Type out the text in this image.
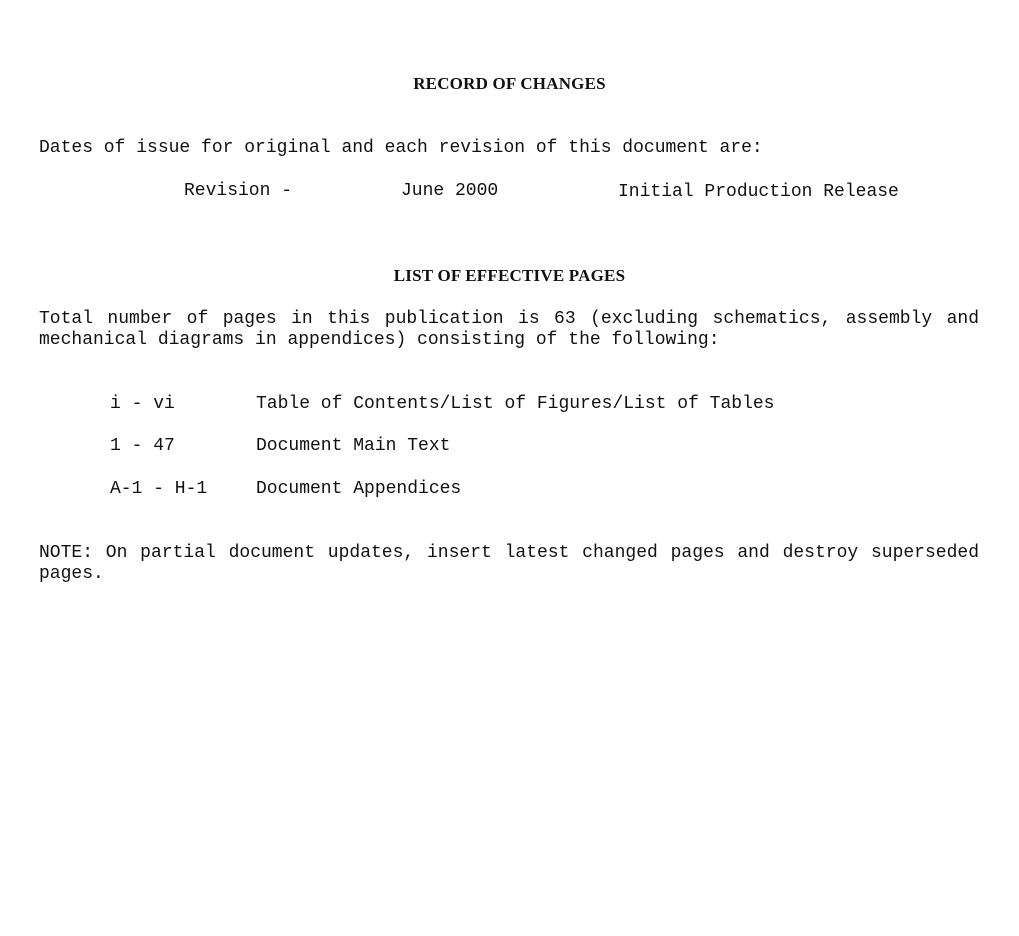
RECORD OF CHANGES
Dates of issue for original and each revision of this document are:
Revision -	June 2000	Initial Production Release
LIST OF EFFECTIVE PAGES
Total number of pages in this publication is 63 (excluding schematics, assembly and mechanical diagrams in appendices) consisting of the following:
i - vi	Table of Contents/List of Figures/List of Tables
1 - 47	Document Main Text
A-1 - H-1	Document Appendices
NOTE: On partial document updates, insert latest changed pages and destroy superseded pages.
